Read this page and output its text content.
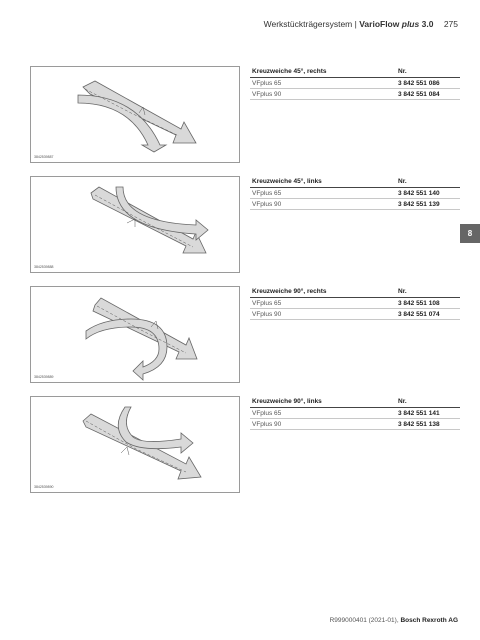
Werkstückträgersystem | VarioFlow plus 3.0 275
8
3842539887
Kreuzweiche 45°, rechts	Nr.
VFplus 65	3 842 551 086
VFplus 90	3 842 551 084
3842539888
Kreuzweiche 45°, links	Nr.
VFplus 65	3 842 551 140
VFplus 90	3 842 551 139
3842539889
Kreuzweiche 90°, rechts	Nr.
VFplus 65	3 842 551 108
VFplus 90	3 842 551 074
3842539890
Kreuzweiche 90°, links	Nr.
VFplus 65	3 842 551 141
VFplus 90	3 842 551 138
R999000401 (2021-01), Bosch Rexroth AG
